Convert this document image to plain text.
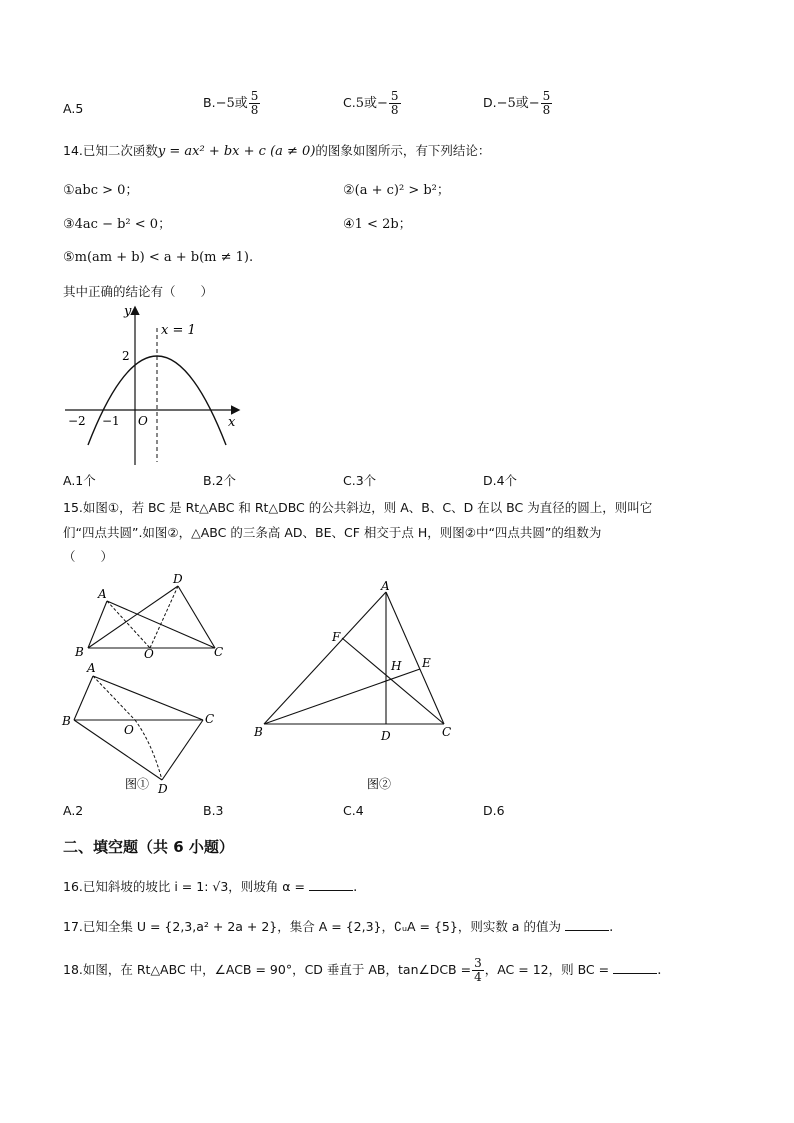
A.5	B.−5或 $\frac{5}{8}$	C.5或− $\frac{5}{8}$	D.−5或− $\frac{5}{8}$
14.已知二次函数y = ax² + bx + c (a ≠ 0)的图象如图所示，有下列结论：
①abc > 0；	②(a + c)² > b²；
③4ac − b² < 0；	④1 < 2b；
⑤m(am + b) < a + b(m ≠ 1).
其中正确的结论有（　　）
y
x
x = 1
2
O
−2 −1
A.1个	B.2个	C.3个	D.4个
15.如图①，若 BC 是 Rt△ABC 和 Rt△DBC 的公共斜边，则 A、B、C、D 在以 BC 为直径的圆上，则叫它
们“四点共圆”.如图②，△ABC 的三条高 AD、BE、CF 相交于点 H，则图②中“四点共圆”的组数为
（　　）
A
D
B	O	C
A
B
O
C
D
图①
A
F
H E
B	D	C
图②
A.2	B.3	C.4	D.6
二、填空题（共 6 小题）
16.已知斜坡的坡比 i = 1: √3，则坡角 α =	.
17.已知全集 U = {2,3,a² + 2a + 2}，集合 A = {2,3}，∁ᵤA = {5}，则实数 a 的值为	.
18.如图，在 Rt△ABC 中，∠ACB = 90°，CD 垂直于 AB，tan∠DCB = $\frac{3}{4}$ ，AC = 12，则 BC =	.
